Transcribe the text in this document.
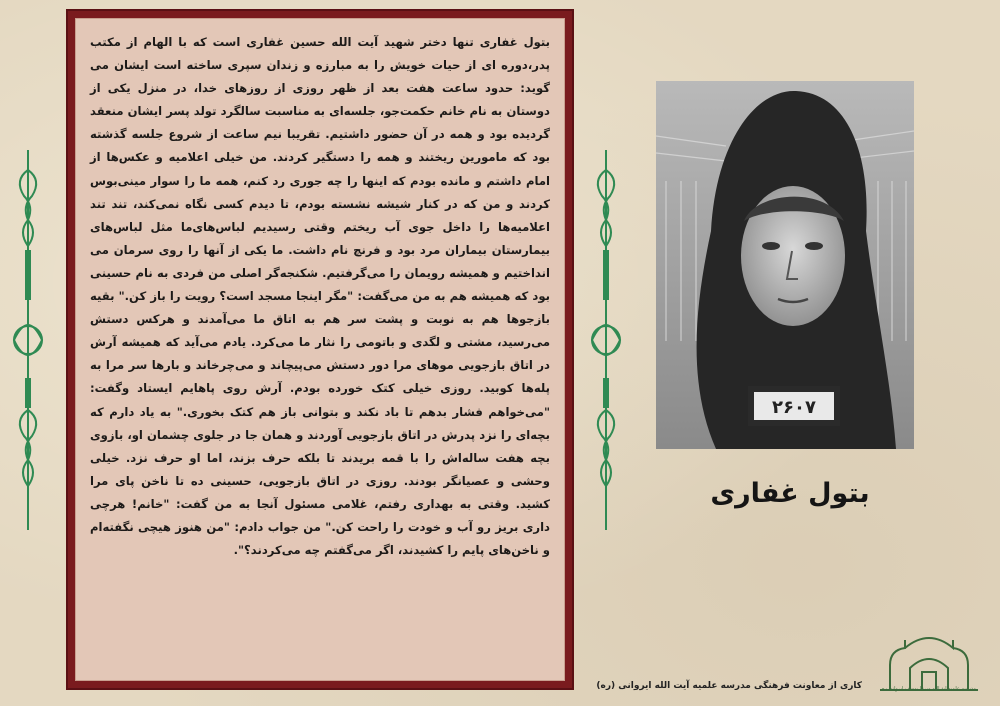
بتول غفاری تنها دختر شهید آیت الله حسین غفاری است که با الهام از مکتب پدر،دوره ای از حیات خویش را به مبارزه و زندان سپری ساخته است ایشان می گوید: حدود ساعت هفت بعد از ظهر روزی از روزهای خدا، در منزل یکی از دوستان به نام خانم حکمت‌جو، جلسه‌ای به مناسبت سالگرد تولد پسر ایشان منعقد گردیده بود و همه در آن حضور داشتیم. تقریبا نیم ساعت از شروع جلسه گذشته بود که مامورین ریختند و همه را دستگیر کردند. من خیلی اعلامیه و عکس‌ها از امام داشتم و مانده بودم که اینها را چه جوری رد کنم، همه ما را سوار مینی‌بوس کردند و من که در کنار شیشه نشسته بودم، تا دیدم کسی نگاه نمی‌کند، تند تند اعلامیه‌ها را داخل جوی آب ریختم وقتی رسیدیم لباس‌های‌ما مثل لباس‌های بیمارستان بیماران مرد بود و فرنچ نام داشت. ما یکی از آنها را روی سرمان می انداختیم و همیشه رویمان را می‌گرفتیم. شکنجه‌گر اصلی من فردی به نام حسینی بود که همیشه هم به من می‌گفت: "مگر اینجا مسجد است؟ رویت را باز کن." بقیه بازجوها هم به نوبت و پشت سر هم به اتاق ما می‌آمدند و هرکس دستش می‌رسید، مشتی و لگدی و باتومی را نثار ما می‌کرد. یادم می‌آید که همیشه آرش در اتاق بازجویی موهای مرا دور دستش می‌پیچاند و می‌چرخاند و بارها سر مرا به پله‌ها کوبید. روزی خیلی کتک خورده بودم. آرش روی پاهایم ایستاد وگفت: "می‌خواهم فشار بدهم تا باد نکند و بتوانی باز هم کتک بخوری." به یاد دارم که بچه‌ای را نزد پدرش در اتاق بازجویی آوردند و همان جا در جلوی چشمان او، بازوی بچه هفت ساله‌اش را با قمه بریدند تا بلکه حرف بزند، اما او حرف نزد. خیلی وحشی و عصیانگر بودند. روزی در اتاق بازجویی، حسینی ده تا ناخن پای مرا کشید. وقتی به بهداری رفتم، غلامی مسئول آنجا به من گفت: "خانم! هرچی داری بریز رو آب و خودت را راحت کن." من جواب دادم: "من هنوز هیچی نگفته‌ام و ناخن‌های پایم را کشیدند، اگر می‌گفتم چه می‌کردند؟".

۲۶۰۷
بتول غفاری
مدرسه علمیه آیة الله میرزا یوسف ایروانی ره
کاری از معاونت فرهنگی مدرسه علمیه آیت الله ایروانی (ره)
